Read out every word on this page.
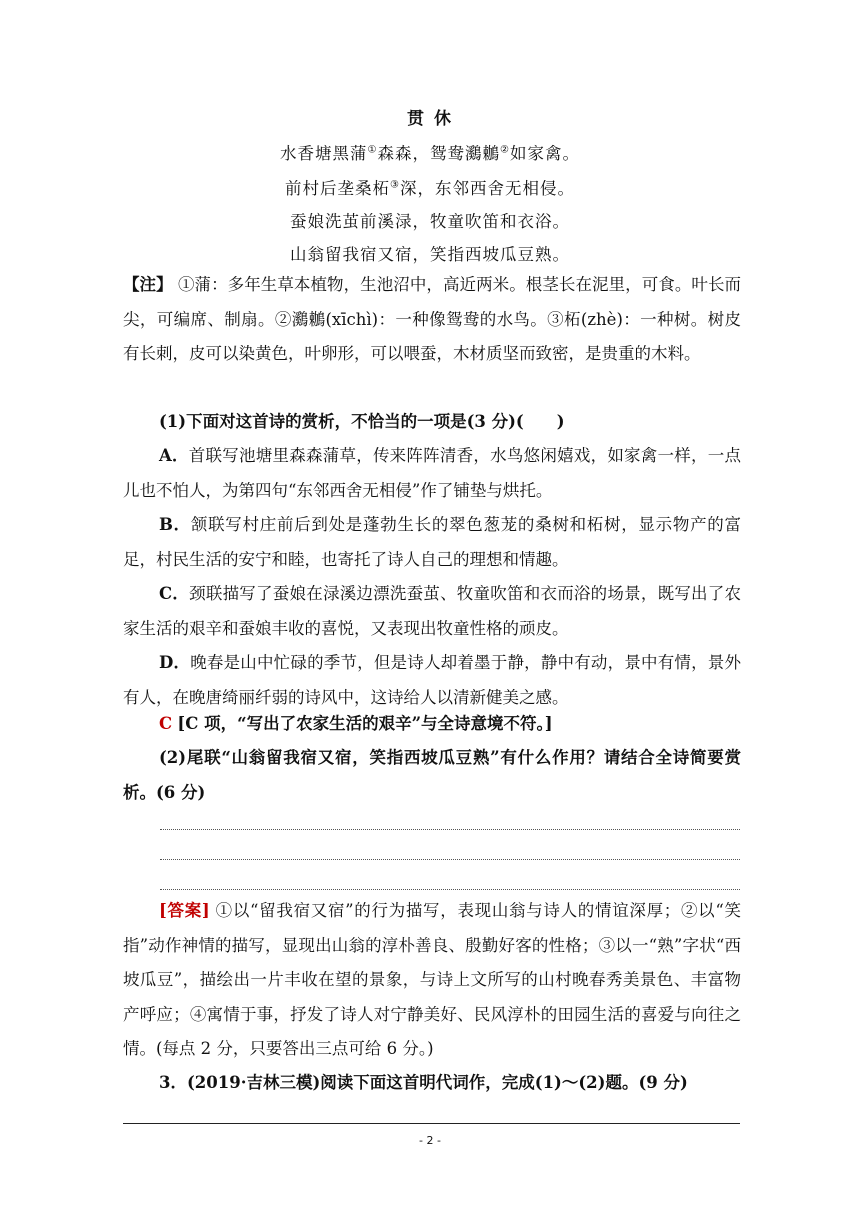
贯 休
水香塘黑蒲①森森，鸳鸯鸂鶒②如家禽。
前村后垄桑柘③深，东邻西舍无相侵。
蚕娘洗茧前溪渌，牧童吹笛和衣浴。
山翁留我宿又宿，笑指西坡瓜豆熟。
【注】 ①蒲：多年生草本植物，生池沼中，高近两米。根茎长在泥里，可食。叶长而尖，可编席、制扇。②鸂鶒(xīchì)：一种像鸳鸯的水鸟。③柘(zhè)：一种树。树皮有长刺，皮可以染黄色，叶卵形，可以喂蚕，木材质坚而致密，是贵重的木料。
(1)下面对这首诗的赏析，不恰当的一项是(3 分)(　　)
A．首联写池塘里森森蒲草，传来阵阵清香，水鸟悠闲嬉戏，如家禽一样，一点儿也不怕人，为第四句“东邻西舍无相侵”作了铺垫与烘托。
B．颔联写村庄前后到处是蓬勃生长的翠色葱茏的桑树和柘树，显示物产的富足，村民生活的安宁和睦，也寄托了诗人自己的理想和情趣。
C．颈联描写了蚕娘在渌溪边漂洗蚕茧、牧童吹笛和衣而浴的场景，既写出了农家生活的艰辛和蚕娘丰收的喜悦，又表现出牧童性格的顽皮。
D．晚春是山中忙碌的季节，但是诗人却着墨于静，静中有动，景中有情，景外有人，在晚唐绮丽纤弱的诗风中，这诗给人以清新健美之感。
C [C 项，“写出了农家生活的艰辛”与全诗意境不符。]
(2)尾联“山翁留我宿又宿，笑指西坡瓜豆熟”有什么作用？请结合全诗简要赏析。(6 分)
[答案] ①以“留我宿又宿”的行为描写，表现山翁与诗人的情谊深厚；②以“笑指”动作神情的描写，显现出山翁的淳朴善良、殷勤好客的性格；③以一“熟”字状“西坡瓜豆”，描绘出一片丰收在望的景象，与诗上文所写的山村晚春秀美景色、丰富物产呼应；④寓情于事，抒发了诗人对宁静美好、民风淳朴的田园生活的喜爱与向往之情。(每点 2 分，只要答出三点可给 6 分。)
3．(2019·吉林三模)阅读下面这首明代词作，完成(1)～(2)题。(9 分)
- 2 -
